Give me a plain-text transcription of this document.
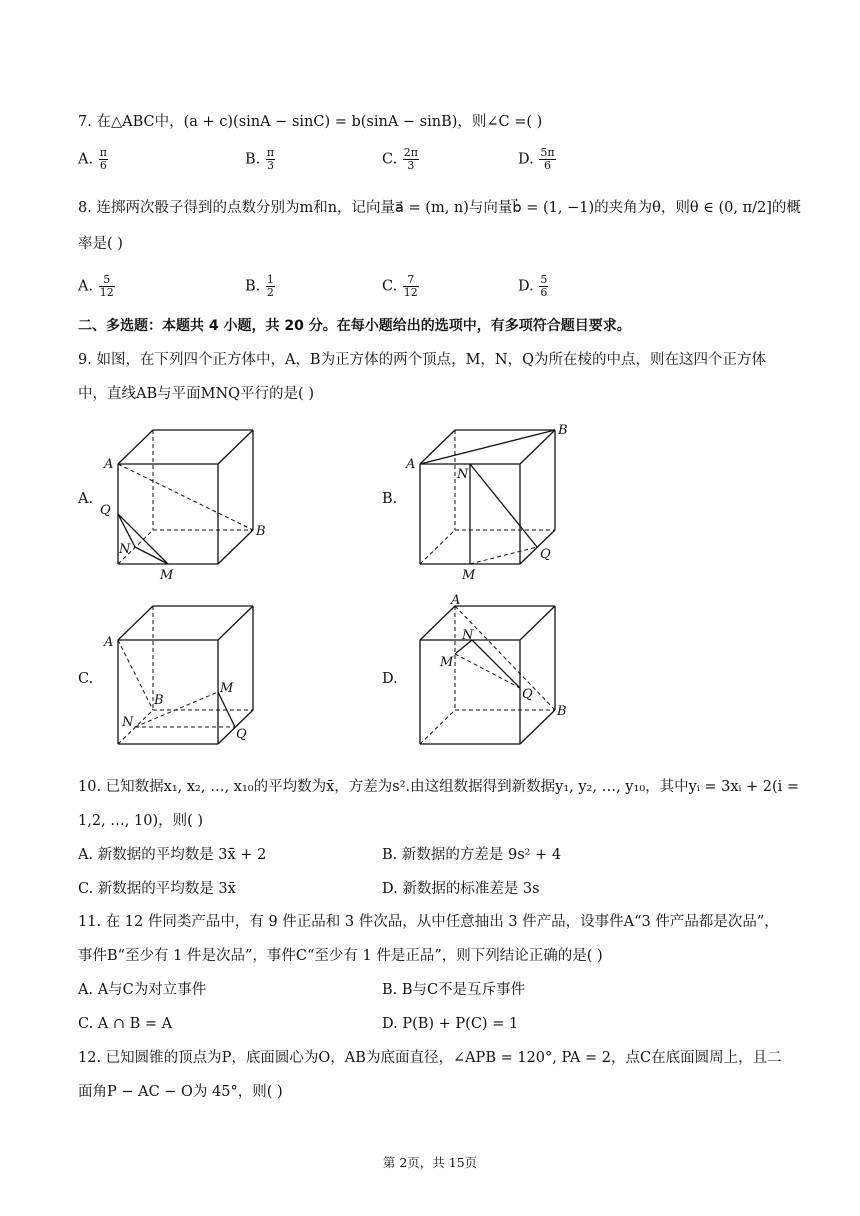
7. 在△ABC中，(a + c)(sinA − sinC) = b(sinA − sinB)，则∠C =( )
A. $\frac{\pi}{6}$	B. $\frac{\pi}{3}$	C. $\frac{2\pi}{3}$	D. $\frac{5\pi}{6}$
8. 连掷两次骰子得到的点数分别为m和n，记向量a⃗ = (m, n)与向量b⃗ = (1, −1)的夹角为θ，则θ ∈ (0, π/2]的概
率是( )
A. $\frac{5}{12}$	B. $\frac{1}{2}$	C. $\frac{7}{12}$	D. $\frac{5}{6}$
二、多选题：本题共 4 小题，共 20 分。在每小题给出的选项中，有多项符合题目要求。
9. 如图，在下列四个正方体中，A，B为正方体的两个顶点，M，N，Q为所在棱的中点，则在这四个正方体
中，直线AB与平面MNQ平行的是( )
A.
A
B
Q
N
M
B.
A
B
N
Q
M
C.
A
B
M
N
Q
D.
A
N
M
Q
B
10. 已知数据x₁, x₂, …, x₁₀的平均数为x̄，方差为s².由这组数据得到新数据y₁, y₂, …, y₁₀，其中yᵢ = 3xᵢ + 2(i =
1,2, …, 10)，则( )
A. 新数据的平均数是 3x̄ + 2	B. 新数据的方差是 9s² + 4
C. 新数据的平均数是 3x̄	D. 新数据的标准差是 3s
11. 在 12 件同类产品中，有 9 件正品和 3 件次品，从中任意抽出 3 件产品，设事件A“3 件产品都是次品”，
事件B“至少有 1 件是次品”，事件C“至少有 1 件是正品”，则下列结论正确的是( )
A. A与C为对立事件	B. B与C不是互斥事件
C. A ∩ B = A	D. P(B) + P(C) = 1
12. 已知圆锥的顶点为P，底面圆心为O，AB为底面直径，∠APB = 120°, PA = 2，点C在底面圆周上，且二
面角P − AC − O为 45°，则( )
第 2页，共 15页
